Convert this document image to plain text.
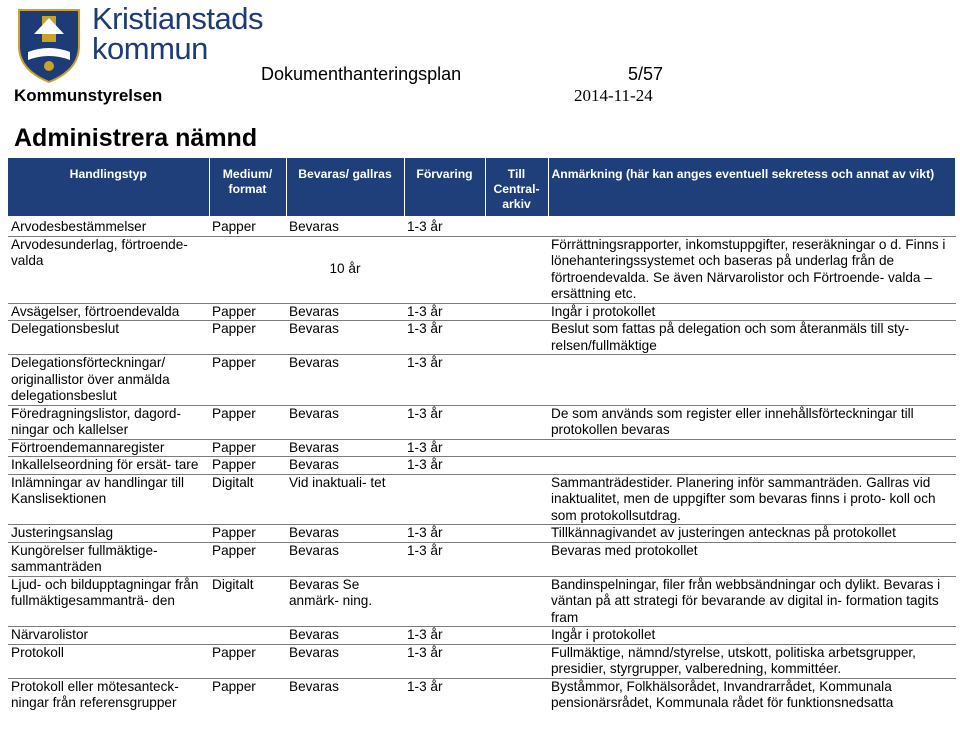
Kristianstads
kommun
Dokumenthanteringsplan	5/57
Kommunstyrelsen	2014-11-24
Administrera nämnd
Handlingstyp	Medium/ format	Bevaras/ gallras	Förvaring	Till Central- arkiv	Anmärkning (här kan anges eventuell sekretess och annat av vikt)
Arvodesbestämmelser	Papper	Bevaras	1-3 år		
Arvodesunderlag, förtroende- valda		10 år			Förrättningsrapporter, inkomstuppgifter, reseräkningar o d. Finns i lönehanteringssystemet och baseras på underlag från de förtroendevalda. Se även Närvarolistor och Förtroende- valda – ersättning etc.
Avsägelser, förtroendevalda	Papper	Bevaras	1-3 år		Ingår i protokollet
Delegationsbeslut	Papper	Bevaras	1-3 år		Beslut som fattas på delegation och som återanmäls till sty- relsen/fullmäktige
Delegationsförteckningar/ originallistor över anmälda delegationsbeslut	Papper	Bevaras	1-3 år		
Föredragningslistor, dagord- ningar och kallelser	Papper	Bevaras	1-3 år		De som används som register eller innehållsförteckningar till protokollen bevaras
Förtroendemannaregister	Papper	Bevaras	1-3 år		
Inkallelseordning för ersät- tare	Papper	Bevaras	1-3 år		
Inlämningar av handlingar till Kanslisektionen	Digitalt	Vid inaktuali- tet			Sammanträdestider. Planering inför sammanträden. Gallras vid inaktualitet, men de uppgifter som bevaras finns i proto- koll och som protokollsutdrag.
Justeringsanslag	Papper	Bevaras	1-3 år		Tillkännagivandet av justeringen antecknas på protokollet
Kungörelser fullmäktige- sammanträden	Papper	Bevaras	1-3 år		Bevaras med protokollet
Ljud- och bildupptagningar från fullmäktigesammanträ- den	Digitalt	Bevaras Se anmärk- ning.			Bandinspelningar, filer från webbsändningar och dylikt. Bevaras i väntan på att strategi för bevarande av digital in- formation tagits fram
Närvarolistor		Bevaras	1-3 år		Ingår i protokollet
Protokoll	Papper	Bevaras	1-3 år		Fullmäktige, nämnd/styrelse, utskott, politiska arbetsgrupper, presidier, styrgrupper, valberedning, kommittéer.
Protokoll eller mötesanteck- ningar från referensgrupper	Papper	Bevaras	1-3 år		Byståmmor, Folkhälsorådet, Invandrarrådet, Kommunala pensionärsrådet, Kommunala rådet för funktionsnedsatta
